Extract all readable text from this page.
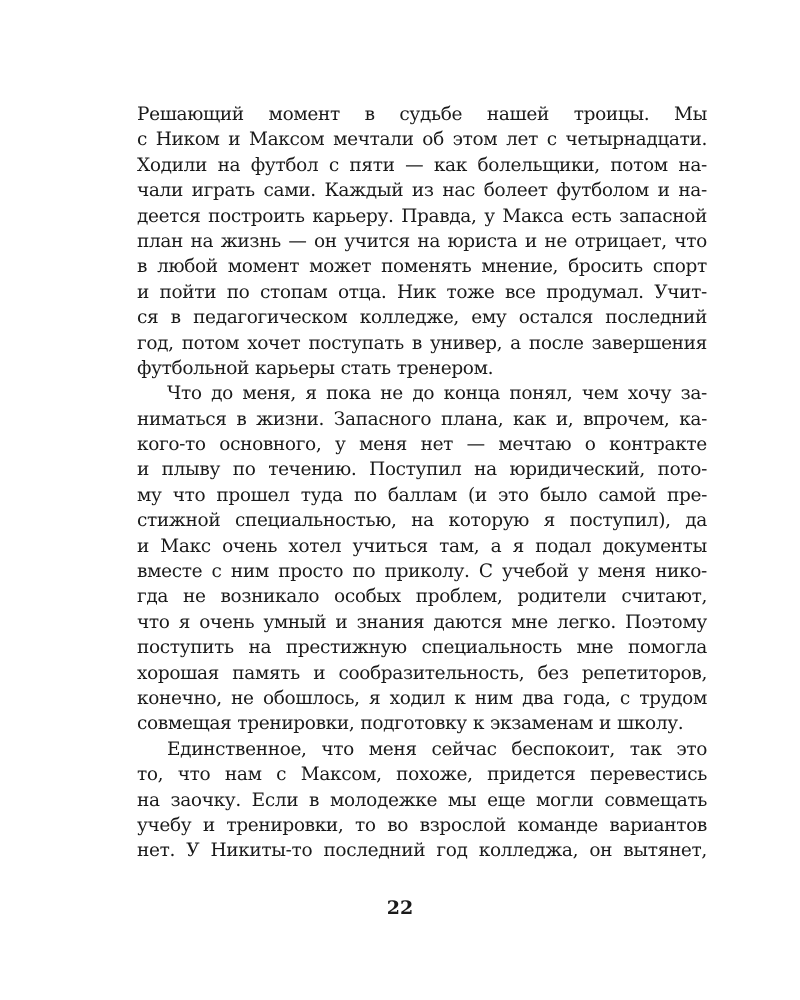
Решающий момент в судьбе нашей троицы. Мы
с Ником и Максом мечтали об этом лет с четырнадцати.
Ходили на футбол с пяти — как болельщики, потом на-
чали играть сами. Каждый из нас болеет футболом и на-
деется построить карьеру. Правда, у Макса есть запасной
план на жизнь — он учится на юриста и не отрицает, что
в любой момент может поменять мнение, бросить спорт
и пойти по стопам отца. Ник тоже все продумал. Учит-
ся в педагогическом колледже, ему остался последний
год, потом хочет поступать в универ, а после завершения
футбольной карьеры стать тренером.
Что до меня, я пока не до конца понял, чем хочу за-
ниматься в жизни. Запасного плана, как и, впрочем, ка-
кого-то основного, у меня нет — мечтаю о контракте
и плыву по течению. Поступил на юридический, пото-
му что прошел туда по баллам (и это было самой пре-
стижной специальностью, на которую я поступил), да
и Макс очень хотел учиться там, а я подал документы
вместе с ним просто по приколу. С учебой у меня нико-
гда не возникало особых проблем, родители считают,
что я очень умный и знания даются мне легко. Поэтому
поступить на престижную специальность мне помогла
хорошая память и сообразительность, без репетиторов,
конечно, не обошлось, я ходил к ним два года, с трудом
совмещая тренировки, подготовку к экзаменам и школу.
Единственное, что меня сейчас беспокоит, так это
то, что нам с Максом, похоже, придется перевестись
на заочку. Если в молодежке мы еще могли совмещать
учебу и тренировки, то во взрослой команде вариантов
нет. У Никиты-то последний год колледжа, он вытянет,
22
